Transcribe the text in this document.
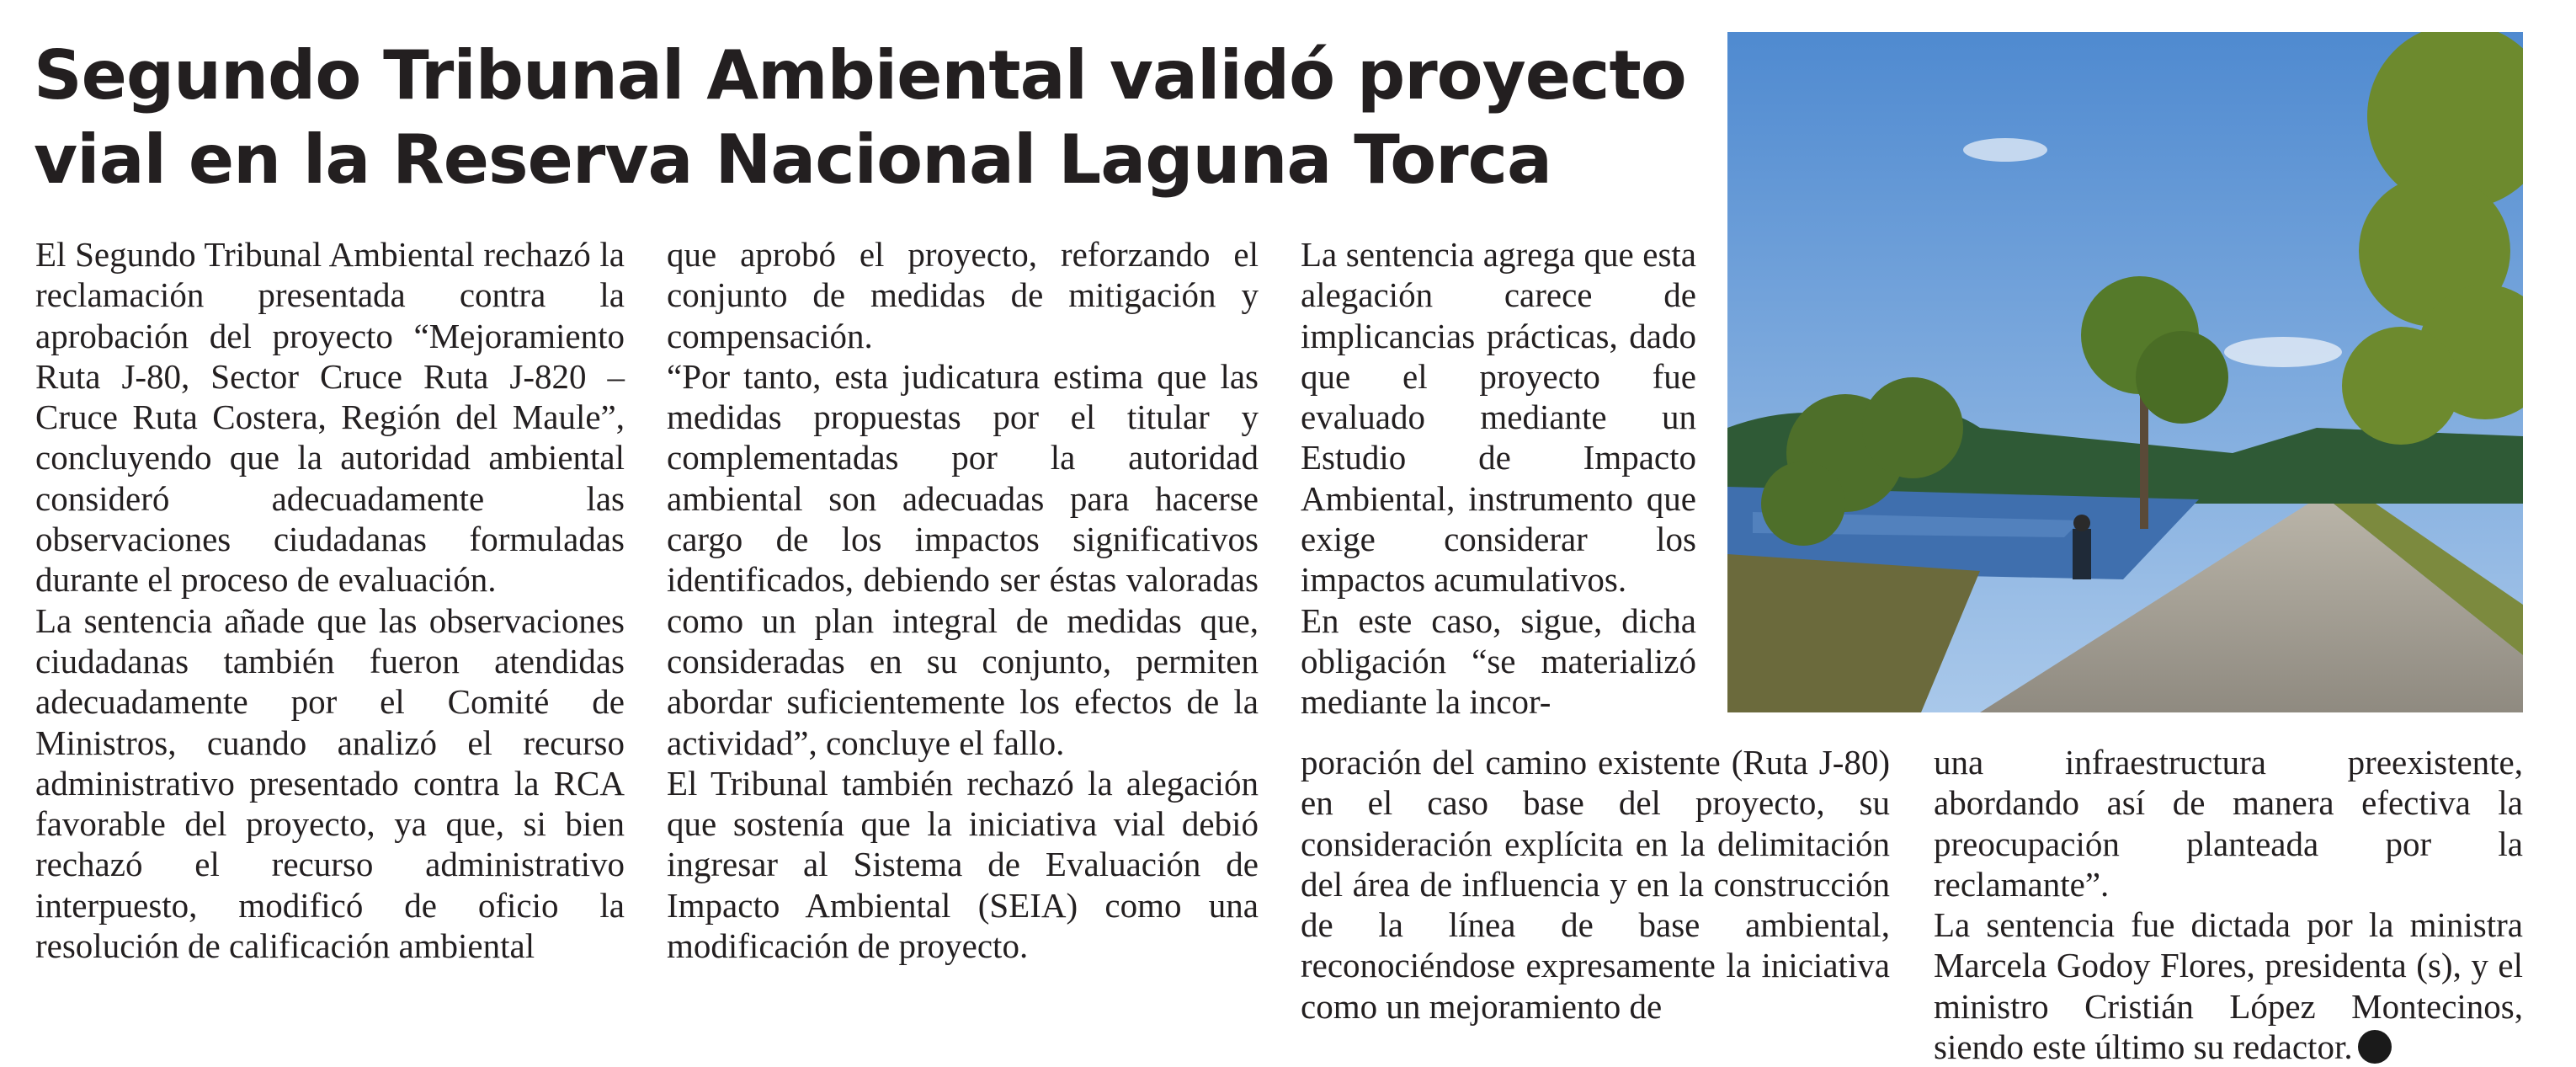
Segundo Tribunal Ambiental validó proyecto vial en la Reserva Nacional Laguna Torca

El Segundo Tribunal Ambiental rechazó la reclamación presentada contra la aprobación del proyecto “Mejoramiento Ruta J-80, Sector Cruce Ruta J-820 – Cruce Ruta Costera, Región del Maule”, concluyendo que la autoridad ambiental consideró adecuadamente las observaciones ciudadanas formuladas durante el proceso de evaluación.

La sentencia añade que las observaciones ciudadanas también fueron atendidas adecuadamente por el Comité de Ministros, cuando analizó el recurso administrativo presentado contra la RCA favorable del proyecto, ya que, si bien rechazó el recurso administrativo interpuesto, modificó de oficio la resolución de calificación ambiental

que aprobó el proyecto, reforzando el conjunto de medidas de mitigación y compensación.

“Por tanto, esta judicatura estima que las medidas propuestas por el titular y complementadas por la autoridad ambiental son adecuadas para hacerse cargo de los impactos significativos identificados, debiendo ser éstas valoradas como un plan integral de medidas que, consideradas en su conjunto, permiten abordar suficientemente los efectos de la actividad”, concluye el fallo.

El Tribunal también rechazó la alegación que sostenía que la iniciativa vial debió ingresar al Sistema de Evaluación de Impacto Ambiental (SEIA) como una modificación de proyecto.

La sentencia agrega que esta alegación carece de implicancias prácticas, dado que el proyecto fue evaluado mediante un Estudio de Impacto Ambiental, instrumento que exige considerar los impactos acumulativos.

En este caso, sigue, dicha obligación “se materializó mediante la incor-

poración del camino existente (Ruta J-80) en el caso base del proyecto, su consideración explícita en la delimitación del área de influencia y en la construcción de la línea de base ambiental, reconociéndose expresamente la iniciativa como un mejoramiento de

una infraestructura preexistente, abordando así de manera efectiva la preocupación planteada por la reclamante”.

La sentencia fue dictada por la ministra Marcela Godoy Flores, presidenta (s), y el ministro Cristián López Montecinos, siendo este último su redactor.
